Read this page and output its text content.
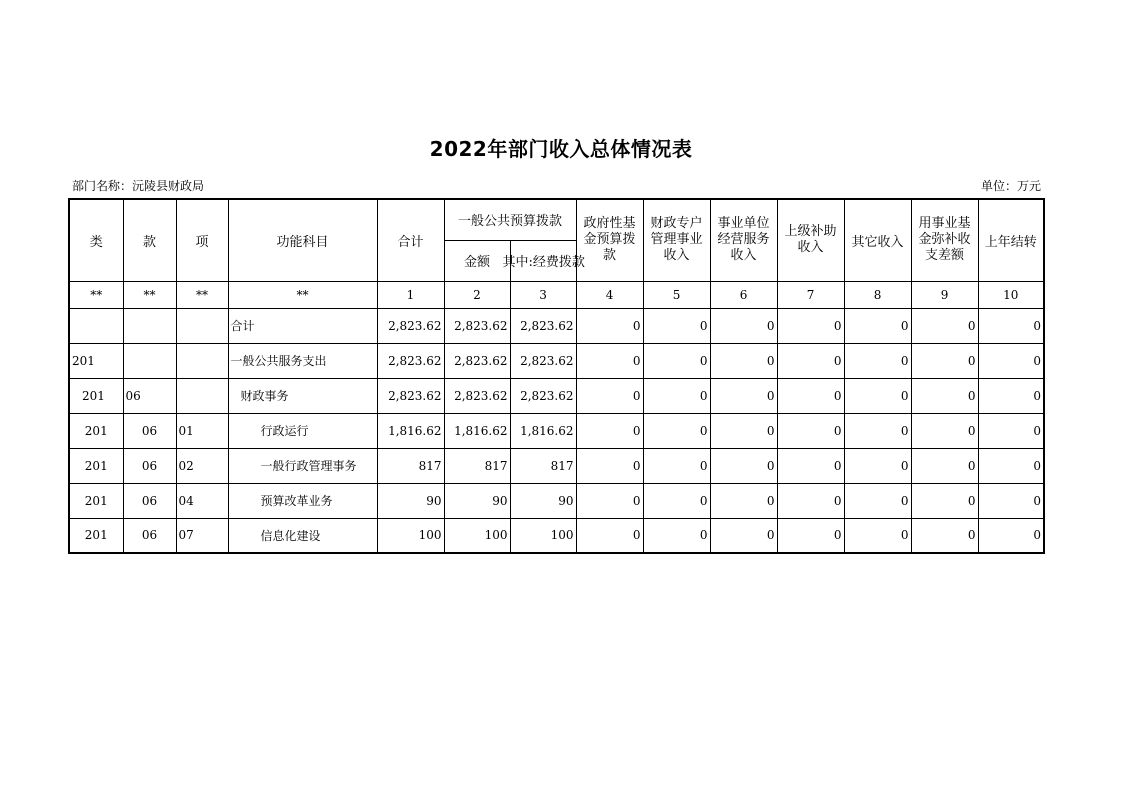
2022年部门收入总体情况表
部门名称：沅陵县财政局	单位：万元
类	款	项	功能科目	合计	一般公共预算拨款		政府性基金预算拨款	财政专户管理事业收入	事业单位经营服务收入	上级补助收入	其它收入	用事业基金弥补收支差额	上年结转
					金额	其中:经费拨款							
**	**	**	**	1	2	3	4	5	6	7	8	9	10
			合计	2,823.62	2,823.62	2,823.62	0	0	0	0	0	0	0
201			一般公共服务支出	2,823.62	2,823.62	2,823.62	0	0	0	0	0	0	0
201	06		财政事务	2,823.62	2,823.62	2,823.62	0	0	0	0	0	0	0
201	06	01	行政运行	1,816.62	1,816.62	1,816.62	0	0	0	0	0	0	0
201	06	02	一般行政管理事务	817	817	817	0	0	0	0	0	0	0
201	06	04	预算改革业务	90	90	90	0	0	0	0	0	0	0
201	06	07	信息化建设	100	100	100	0	0	0	0	0	0	0
